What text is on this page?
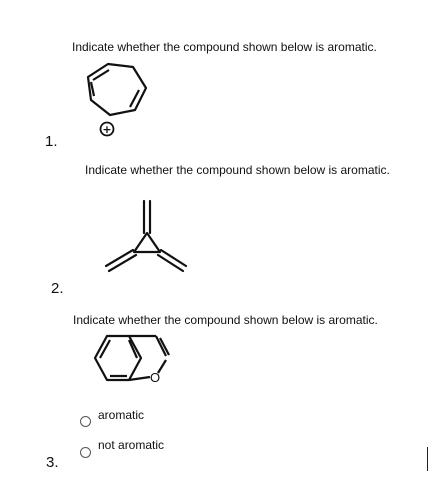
Indicate whether the compound shown below is aromatic.
+
1.
Indicate whether the compound shown below is aromatic.
2.
Indicate whether the compound shown below is aromatic.
O
aromatic
not aromatic
3.
